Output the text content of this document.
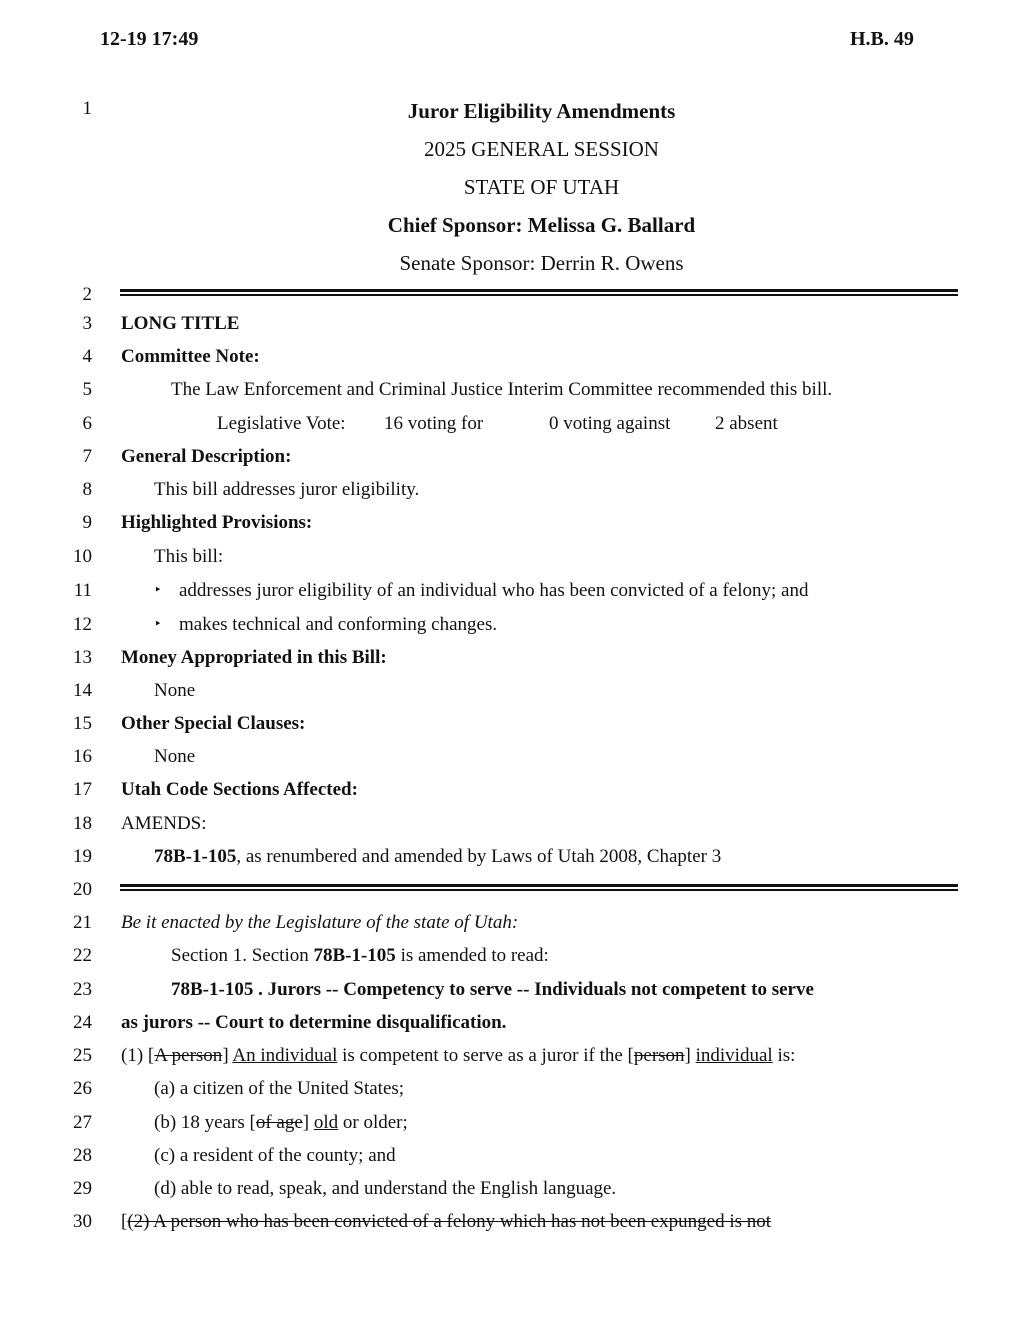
12-19 17:49	H.B. 49
1
2
3
4
5
6
7
8
9
10
11
12
13
14
15
16
17
18
19
20
21
22
23
24
25
26
27
28
29
30
Juror Eligibility Amendments
2025 GENERAL SESSION
STATE OF UTAH
Chief Sponsor: Melissa G. Ballard
Senate Sponsor: Derrin R. Owens
LONG TITLE
Committee Note:
The Law Enforcement and Criminal Justice Interim Committee recommended this bill.
Legislative Vote: 16 voting for	0 voting against 2 absent
General Description:
This bill addresses juror eligibility.
Highlighted Provisions:
This bill:
‣ addresses juror eligibility of an individual who has been convicted of a felony; and
‣ makes technical and conforming changes.
Money Appropriated in this Bill:
None
Other Special Clauses:
None
Utah Code Sections Affected:
AMENDS:
78B-1-105, as renumbered and amended by Laws of Utah 2008, Chapter 3
Be it enacted by the Legislature of the state of Utah:
Section 1. Section 78B-1-105 is amended to read:
78B-1-105 . Jurors -- Competency to serve -- Individuals not competent to serve
as jurors -- Court to determine disqualification.
(1) [A person] An individual is competent to serve as a juror if the [person] individual is:
(a) a citizen of the United States;
(b) 18 years [of age] old or older;
(c) a resident of the county; and
(d) able to read, speak, and understand the English language.
[(2) A person who has been convicted of a felony which has not been expunged is not
